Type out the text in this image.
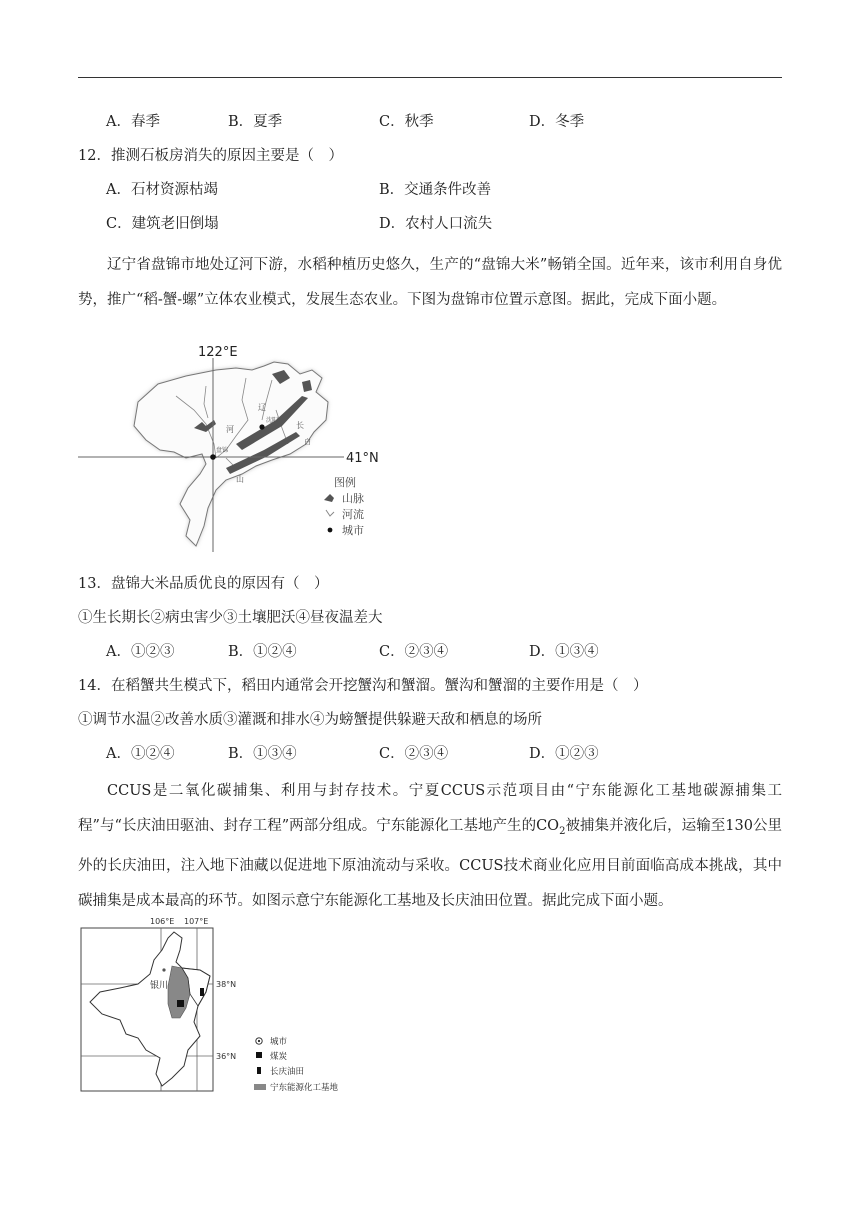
A．春季	B．夏季	C．秋季	D．冬季
12．推测石板房消失的原因主要是（　）
A．石材资源枯竭	B．交通条件改善
C．建筑老旧倒塌	D．农村人口流失
辽宁省盘锦市地处辽河下游，水稻种植历史悠久，生产的“盘锦大米”畅销全国。近年来，该市利用自身优势，推广“稻-蟹-螺”立体农业模式，发展生态农业。下图为盘锦市位置示意图。据此，完成下面小题。
122°E
41°N
辽
沈阳
河
盘锦
山
长
白
图例
山脉
河流
城市
13．盘锦大米品质优良的原因有（　）
①生长期长②病虫害少③土壤肥沃④昼夜温差大
A．①②③	B．①②④	C．②③④	D．①③④
14．在稻蟹共生模式下，稻田内通常会开挖蟹沟和蟹溜。蟹沟和蟹溜的主要作用是（　）
①调节水温②改善水质③灌溉和排水④为螃蟹提供躲避天敌和栖息的场所
A．①②④	B．①③④	C．②③④	D．①②③
CCUS是二氧化碳捕集、利用与封存技术。宁夏CCUS示范项目由“宁东能源化工基地碳源捕集工程”与“长庆油田驱油、封存工程”两部分组成。宁东能源化工基地产生的$CO_2$被捕集并液化后，运输至130公里外的长庆油田，注入地下油藏以促进地下原油流动与采收。CCUS技术商业化应用目前面临高成本挑战，其中碳捕集是成本最高的环节。如图示意宁东能源化工基地及长庆油田位置。据此完成下面小题。
106°E 107°E
38°N
36°N
银川
城市
煤炭
长庆油田
宁东能源化工基地
